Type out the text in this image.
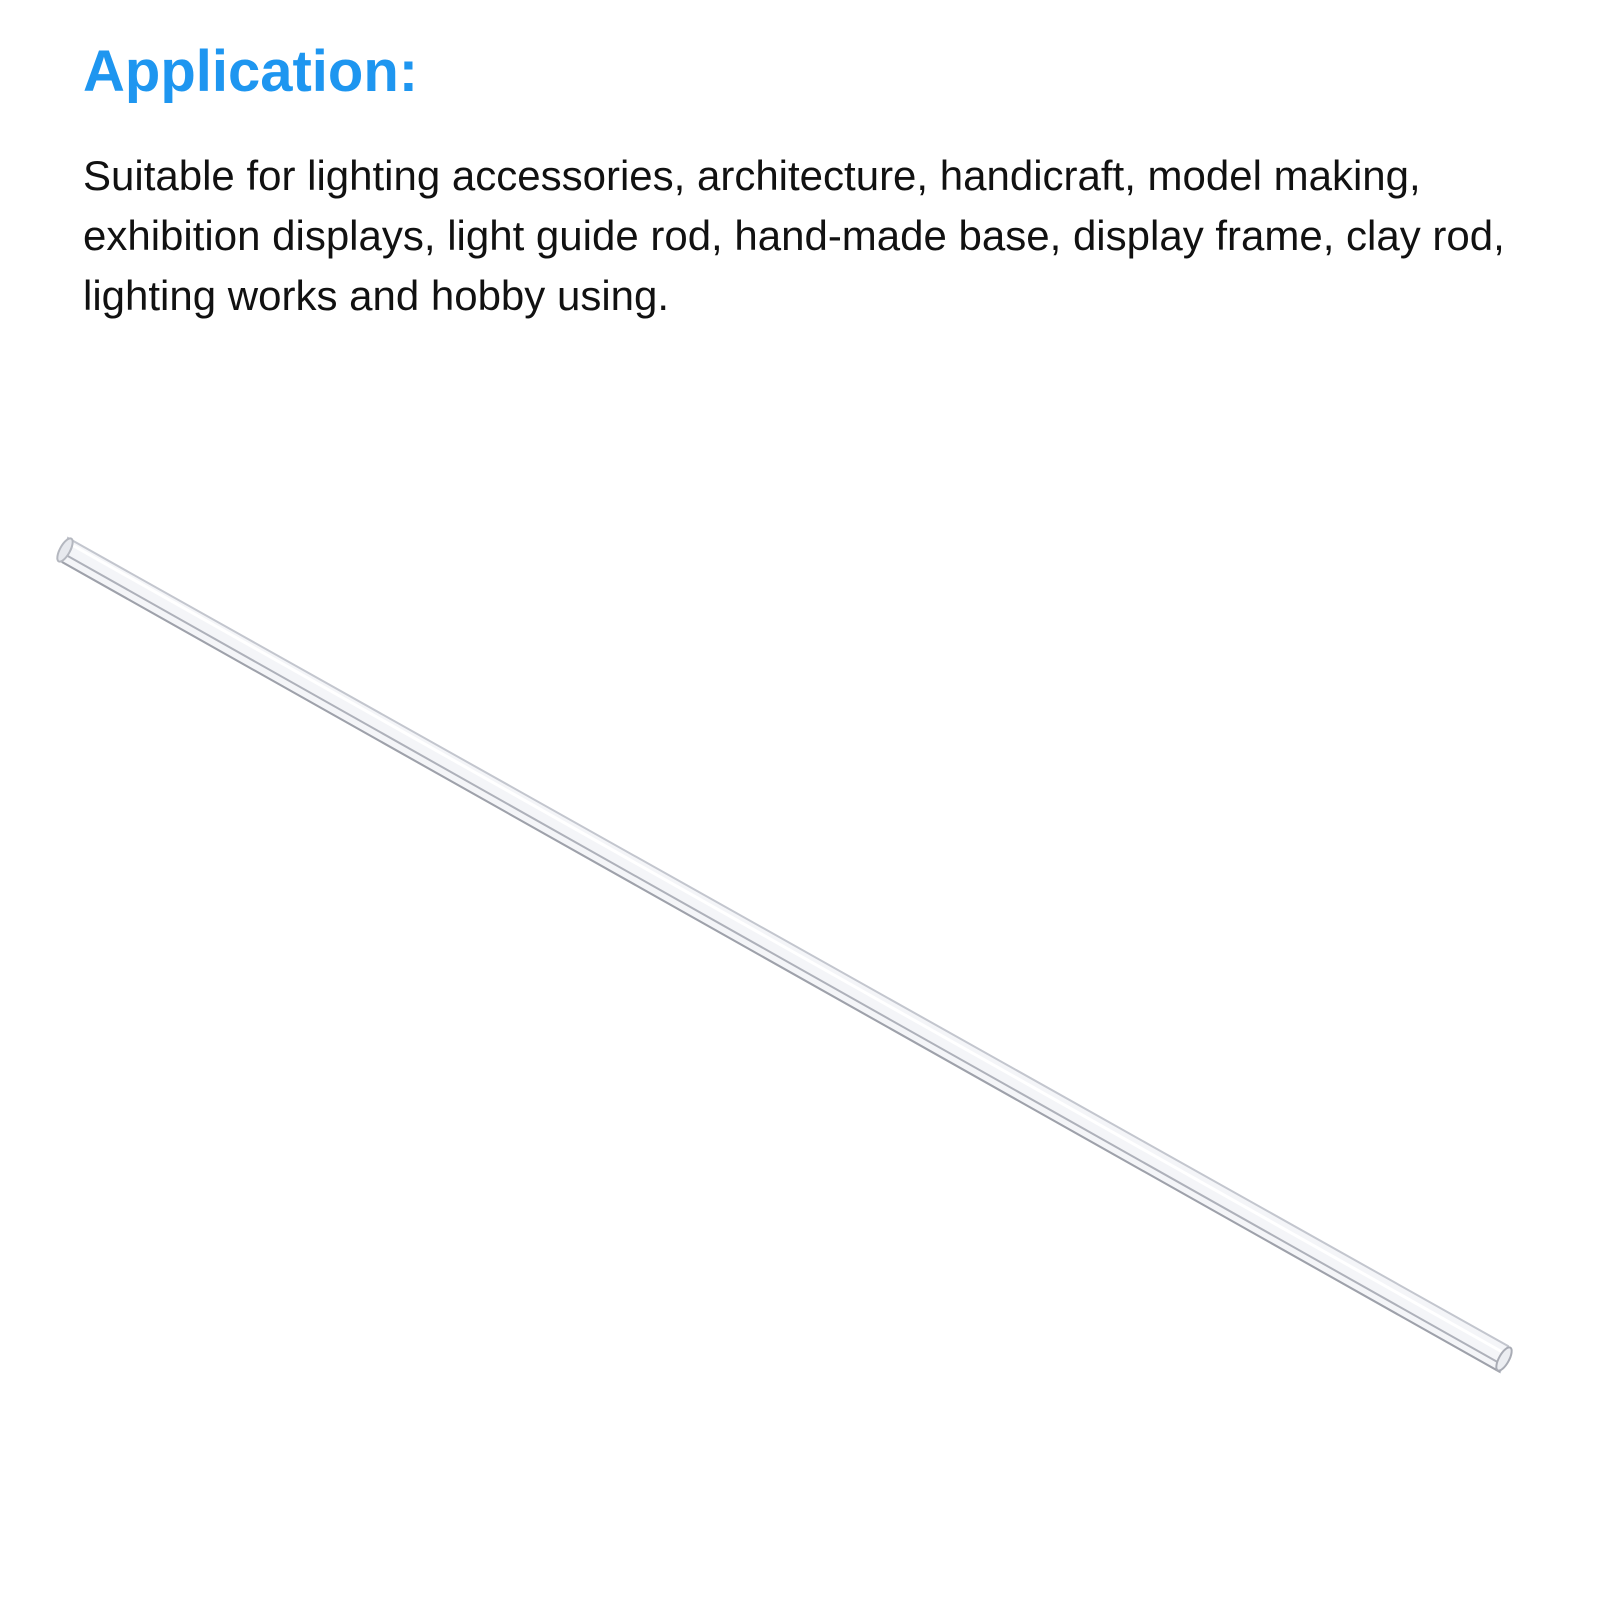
Application:

Suitable for lighting accessories, architecture, handicraft, model making, exhibition displays, light guide rod, hand-made base, display frame, clay rod, lighting works and hobby using.
